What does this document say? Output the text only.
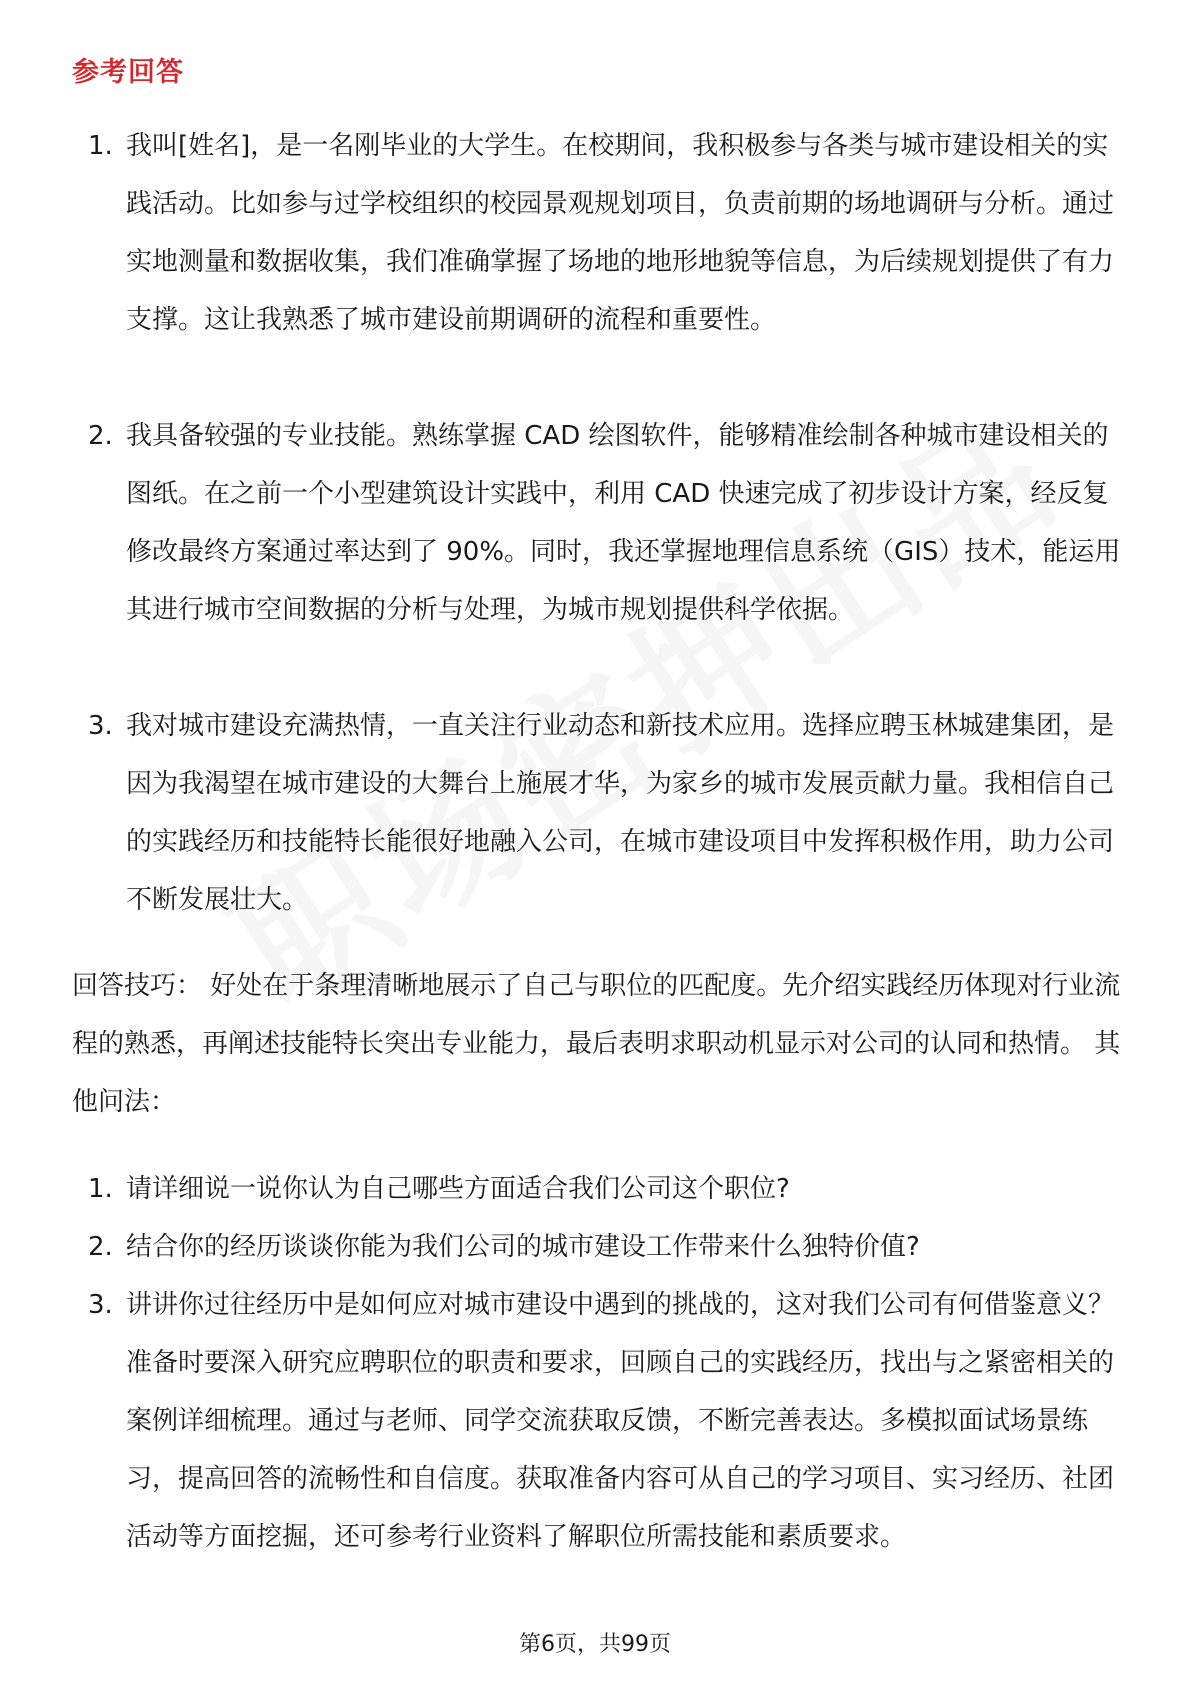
参考回答
1. 我叫[姓名]，是一名刚毕业的大学生。在校期间，我积极参与各类与城市建设相关的实践活动。比如参与过学校组织的校园景观规划项目，负责前期的场地调研与分析。通过实地测量和数据收集，我们准确掌握了场地的地形地貌等信息，为后续规划提供了有力支撑。这让我熟悉了城市建设前期调研的流程和重要性。

2. 我具备较强的专业技能。熟练掌握 CAD 绘图软件，能够精准绘制各种城市建设相关的图纸。在之前一个小型建筑设计实践中，利用 CAD 快速完成了初步设计方案，经反复修改最终方案通过率达到了 90%。同时，我还掌握地理信息系统（GIS）技术，能运用其进行城市空间数据的分析与处理，为城市规划提供科学依据。

3. 我对城市建设充满热情，一直关注行业动态和新技术应用。选择应聘玉林城建集团，是因为我渴望在城市建设的大舞台上施展才华，为家乡的城市发展贡献力量。我相信自己的实践经历和技能特长能很好地融入公司，在城市建设项目中发挥积极作用，助力公司不断发展壮大。

回答技巧： 好处在于条理清晰地展示了自己与职位的匹配度。先介绍实践经历体现对行业流程的熟悉，再阐述技能特长突出专业能力，最后表明求职动机显示对公司的认同和热情。 其他问法：

1. 请详细说一说你认为自己哪些方面适合我们公司这个职位?

2. 结合你的经历谈谈你能为我们公司的城市建设工作带来什么独特价值?

3. 讲讲你过往经历中是如何应对城市建设中遇到的挑战的，这对我们公司有何借鉴意义？ 准备时要深入研究应聘职位的职责和要求，回顾自己的实践经历，找出与之紧密相关的案例详细梳理。通过与老师、同学交流获取反馈，不断完善表达。多模拟面试场景练习，提高回答的流畅性和自信度。获取准备内容可从自己的学习项目、实习经历、社团活动等方面挖掘，还可参考行业资料了解职位所需技能和素质要求。

第6页，共99页
